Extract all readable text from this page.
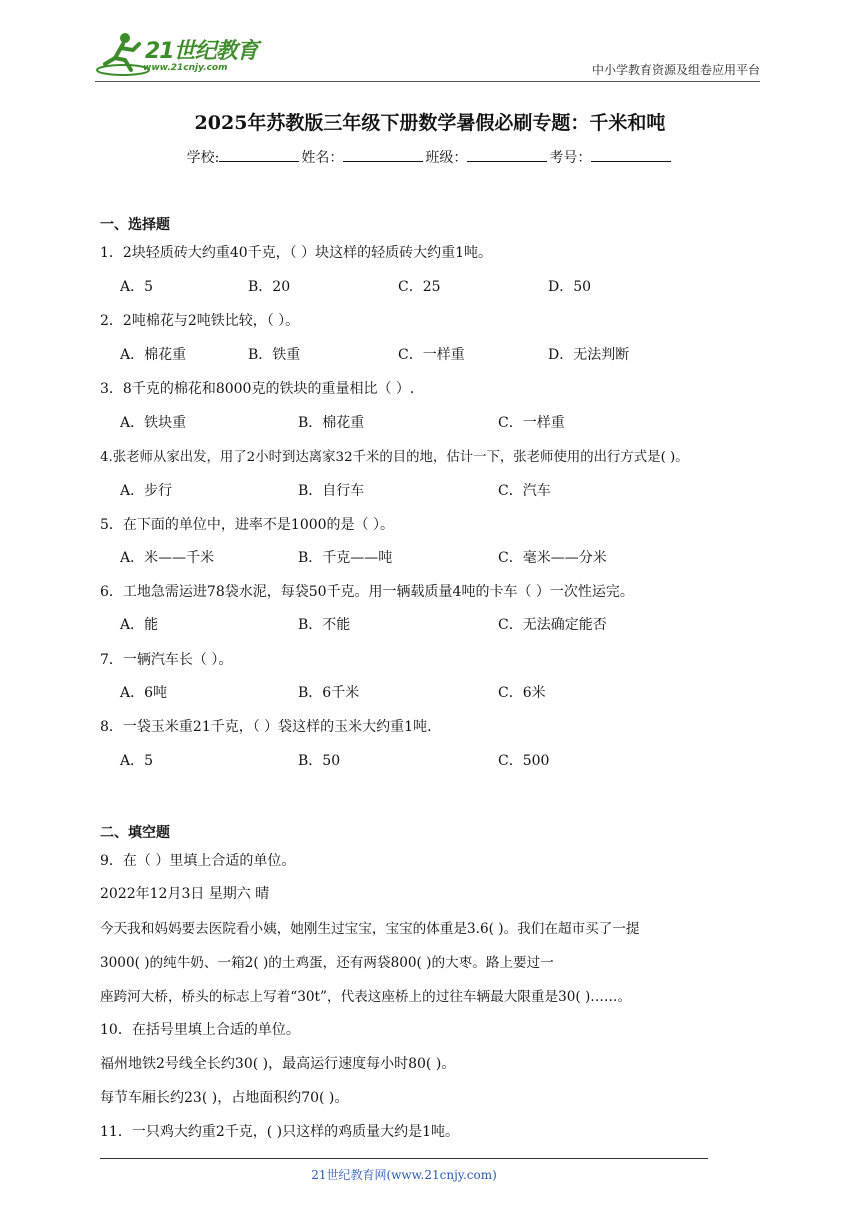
21世纪教育
www.21cnjy.com	中小学教育资源及组卷应用平台
2025年苏教版三年级下册数学暑假必刷专题：千米和吨
学校:	姓名：	班级：	考号：
一、选择题
1．2块轻质砖大约重40千克，（ ）块这样的轻质砖大约重1吨。
A．5	B．20	C．25	D．50
2．2吨棉花与2吨铁比较，（ ）。
A．棉花重	B．铁重	C．一样重	D．无法判断
3．8千克的棉花和8000克的铁块的重量相比（ ）.
A．铁块重	B．棉花重	C．一样重
4.张老师从家出发，用了2小时到达离家32千米的目的地，估计一下，张老师使用的出行方式是( )。
A．步行	B．自行车	C．汽车
5．在下面的单位中，进率不是1000的是（ ）。
A．米——千米	B．千克——吨	C．毫米——分米
6．工地急需运进78袋水泥，每袋50千克。用一辆载质量4吨的卡车（ ）一次性运完。
A．能	B．不能	C．无法确定能否
7．一辆汽车长（ ）。
A．6吨	B．6千米	C．6米
8．一袋玉米重21千克，（ ）袋这样的玉米大约重1吨.
A．5	B．50	C．500
二、填空题
9．在（ ）里填上合适的单位。
2022年12月3日 星期六 晴
今天我和妈妈要去医院看小姨，她刚生过宝宝，宝宝的体重是3.6( )。我们在超市买了一提
3000( )的纯牛奶、一箱2( )的土鸡蛋，还有两袋800( )的大枣。路上要过一
座跨河大桥，桥头的标志上写着“30t”，代表这座桥上的过往车辆最大限重是30( )……。
10．在括号里填上合适的单位。
福州地铁2号线全长约30( )，最高运行速度每小时80( )。
每节车厢长约23( )，占地面积约70( )。
11．一只鸡大约重2千克，( )只这样的鸡质量大约是1吨。
21世纪教育网(www.21cnjy.com)
